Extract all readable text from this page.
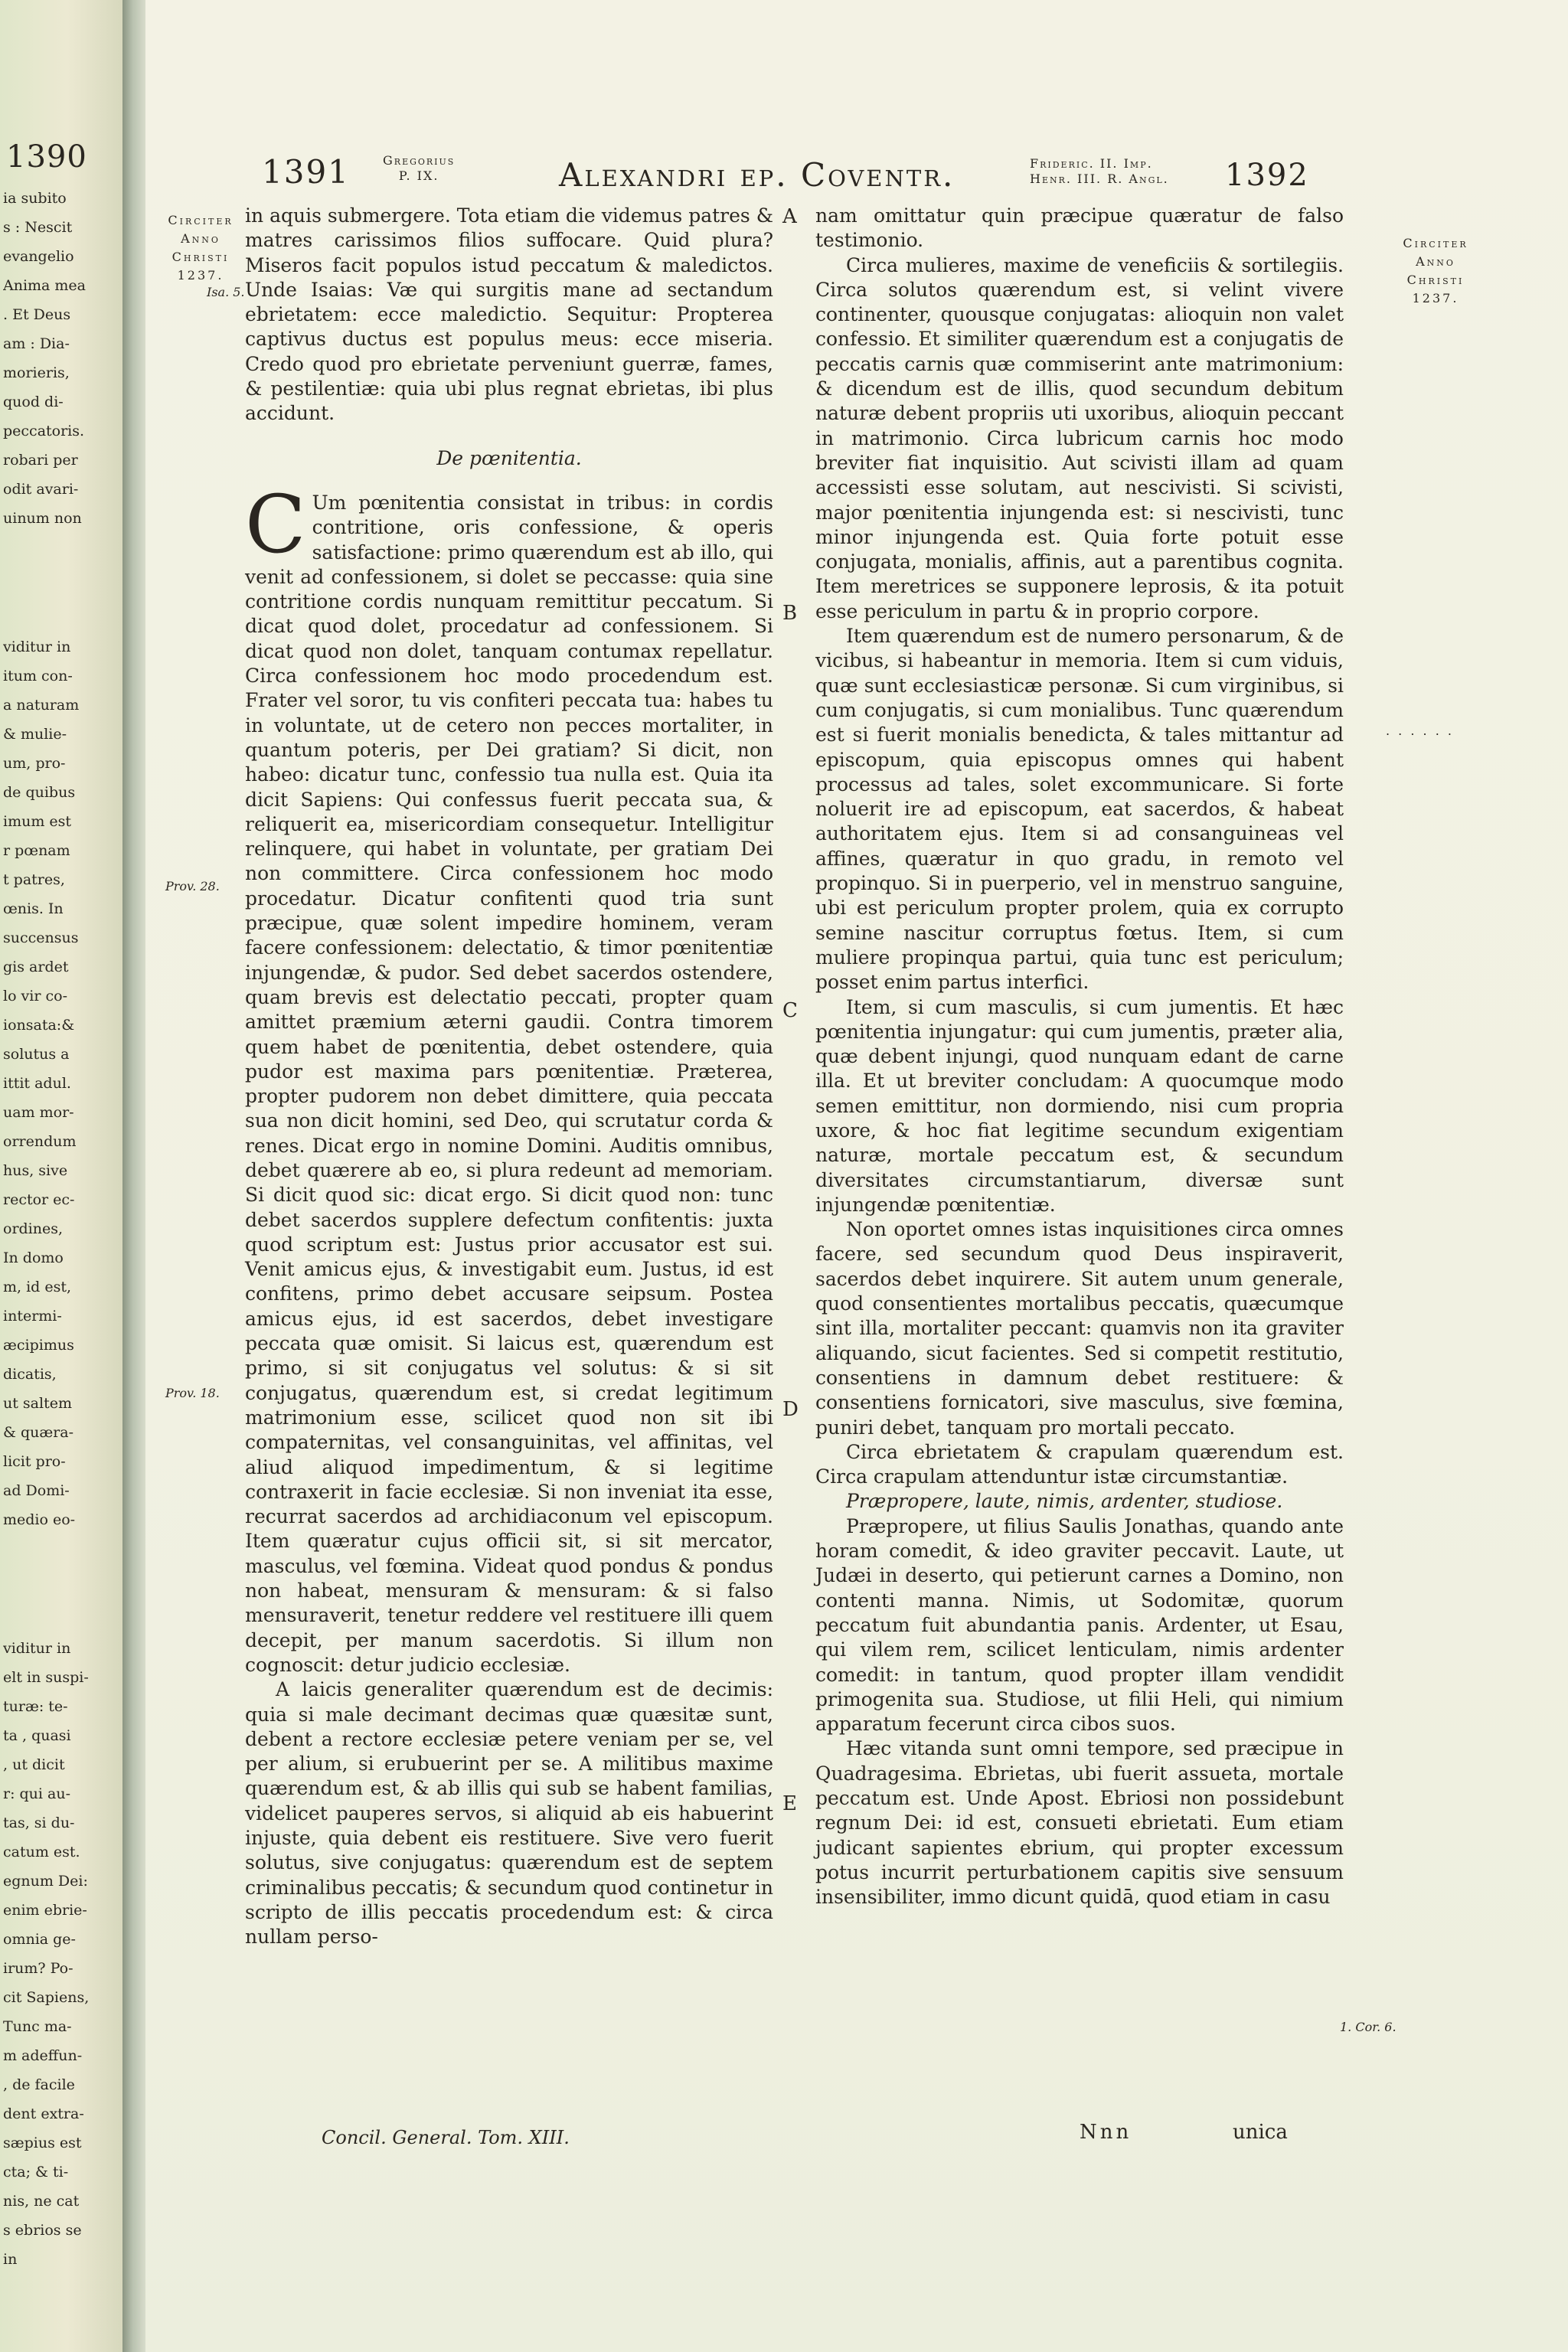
1390
ia subito
s : Nescit
evangelio
Anima mea
. Et Deus
am : Dia-
morieris,
quod di-
peccatoris.
robari per
odit avari-
uinum non
viditur in
itum con-
a naturam
& mulie-
um, pro-
de quibus
imum est
r pœnam
t patres,
œnis. In
succensus
gis ardet
lo vir co-
ionsata:&
solutus a
ittit adul.
uam mor-
orrendum
hus, sive
rector ec-
ordines,
In domo
m, id est,
intermi-
æcipimus
dicatis,
ut saltem
& quæra-
licit pro-
ad Domi-
medio eo-
viditur in
elt in suspi-
turæ: te-
ta , quasi
, ut dicit
r: qui au-
tas, si du-
catum est.
egnum Dei:
enim ebrie-
omnia ge-
irum? Po-
cit Sapiens,
Tunc ma-
m adeffun-
, de facile
dent extra-
sæpius est
cta; & ti-
nis, ne cat
s ebrios se
in
1391	Gregorius
P. IX.	Alexandri ep. Coventr.	Frideric. II. Imp.
Henr. III. R. Angl. 1392
Circiter
Anno
Christi
1237.
Isa. 5.
Prov. 28.
Prov. 18.
Circiter
Anno
Christi
1237.
. . . . . .
1. Cor. 6.
A
B
C
D
E

in aquis submergere. Tota etiam die videmus patres & matres carissimos filios suffocare. Quid plura? Miseros facit populos istud peccatum & maledictos. Unde Isaias: Væ qui surgitis mane ad sectandum ebrietatem: ecce maledictio. Sequitur: Propterea captivus ductus est populus meus: ecce miseria. Credo quod pro ebrietate perveniunt guerræ, fames, & pestilentiæ: quia ubi plus regnat ebrietas, ibi plus accidunt.

De pœnitentia.

C Um pœnitentia consistat in tribus: in cordis contritione, oris confessione, & operis satisfactione: primo quærendum est ab illo, qui venit ad confessionem, si dolet se peccasse: quia sine contritione cordis nunquam remittitur peccatum. Si dicat quod dolet, procedatur ad confessionem. Si dicat quod non dolet, tanquam contumax repellatur. Circa confessionem hoc modo procedendum est. Frater vel soror, tu vis confiteri peccata tua: habes tu in voluntate, ut de cetero non pecces mortaliter, in quantum poteris, per Dei gratiam? Si dicit, non habeo: dicatur tunc, confessio tua nulla est. Quia ita dicit Sapiens: Qui confessus fuerit peccata sua, & reliquerit ea, misericordiam consequetur. Intelligitur relinquere, qui habet in voluntate, per gratiam Dei non committere. Circa confessionem hoc modo procedatur. Dicatur confitenti quod tria sunt præcipue, quæ solent impedire hominem, veram facere confessionem: delectatio, & timor pœnitentiæ injungendæ, & pudor. Sed debet sacerdos ostendere, quam brevis est delectatio peccati, propter quam amittet præmium æterni gaudii. Contra timorem quem habet de pœnitentia, debet ostendere, quia pudor est maxima pars pœnitentiæ. Præterea, propter pudorem non debet dimittere, quia peccata sua non dicit homini, sed Deo, qui scrutatur corda & renes. Dicat ergo in nomine Domini. Auditis omnibus, debet quærere ab eo, si plura redeunt ad memoriam. Si dicit quod sic: dicat ergo. Si dicit quod non: tunc debet sacerdos supplere defectum confitentis: juxta quod scriptum est: Justus prior accusator est sui. Venit amicus ejus, & investigabit eum. Justus, id est confitens, primo debet accusare seipsum. Postea amicus ejus, id est sacerdos, debet investigare peccata quæ omisit. Si laicus est, quærendum est primo, si sit conjugatus vel solutus: & si sit conjugatus, quærendum est, si credat legitimum matrimonium esse, scilicet quod non sit ibi compaternitas, vel consanguinitas, vel affinitas, vel aliud aliquod impedimentum, & si legitime contraxerit in facie ecclesiæ. Si non inveniat ita esse, recurrat sacerdos ad archidiaconum vel episcopum. Item quæratur cujus officii sit, si sit mercator, masculus, vel fœmina. Videat quod pondus & pondus non habeat, mensuram & mensuram: & si falso mensuraverit, tenetur reddere vel restituere illi quem decepit, per manum sacerdotis. Si illum non cognoscit: detur judicio ecclesiæ.

A laicis generaliter quærendum est de decimis: quia si male decimant decimas quæ quæsitæ sunt, debent a rectore ecclesiæ petere veniam per se, vel per alium, si erubuerint per se. A militibus maxime quærendum est, & ab illis qui sub se habent familias, videlicet pauperes servos, si aliquid ab eis habuerint injuste, quia debent eis restituere. Sive vero fuerit solutus, sive conjugatus: quærendum est de septem criminalibus peccatis; & secundum quod continetur in scripto de illis peccatis procedendum est: & circa nullam perso-

nam omittatur quin præcipue quæratur de falso testimonio.

Circa mulieres, maxime de veneficiis & sortilegiis. Circa solutos quærendum est, si velint vivere continenter, quousque conjugatas: alioquin non valet confessio. Et similiter quærendum est a conjugatis de peccatis carnis quæ commiserint ante matrimonium: & dicendum est de illis, quod secundum debitum naturæ debent propriis uti uxoribus, alioquin peccant in matrimonio. Circa lubricum carnis hoc modo breviter fiat inquisitio. Aut scivisti illam ad quam accessisti esse solutam, aut nescivisti. Si scivisti, major pœnitentia injungenda est: si nescivisti, tunc minor injungenda est. Quia forte potuit esse conjugata, monialis, affinis, aut a parentibus cognita. Item meretrices se supponere leprosis, & ita potuit esse periculum in partu & in proprio corpore.

Item quærendum est de numero personarum, & de vicibus, si habeantur in memoria. Item si cum viduis, quæ sunt ecclesiasticæ personæ. Si cum virginibus, si cum conjugatis, si cum monialibus. Tunc quærendum est si fuerit monialis benedicta, & tales mittantur ad episcopum, quia episcopus omnes qui habent processus ad tales, solet excommunicare. Si forte noluerit ire ad episcopum, eat sacerdos, & habeat authoritatem ejus. Item si ad consanguineas vel affines, quæratur in quo gradu, in remoto vel propinquo. Si in puerperio, vel in menstruo sanguine, ubi est periculum propter prolem, quia ex corrupto semine nascitur corruptus fœtus. Item, si cum muliere propinqua partui, quia tunc est periculum; posset enim partus interfici.

Item, si cum masculis, si cum jumentis. Et hæc pœnitentia injungatur: qui cum jumentis, præter alia, quæ debent injungi, quod nunquam edant de carne illa. Et ut breviter concludam: A quocumque modo semen emittitur, non dormiendo, nisi cum propria uxore, & hoc fiat legitime secundum exigentiam naturæ, mortale peccatum est, & secundum diversitates circumstantiarum, diversæ sunt injungendæ pœnitentiæ.

Non oportet omnes istas inquisitiones circa omnes facere, sed secundum quod Deus inspiraverit, sacerdos debet inquirere. Sit autem unum generale, quod consentientes mortalibus peccatis, quæcumque sint illa, mortaliter peccant: quamvis non ita graviter aliquando, sicut facientes. Sed si competit restitutio, consentiens in damnum debet restituere: & consentiens fornicatori, sive masculus, sive fœmina, puniri debet, tanquam pro mortali peccato.

Circa ebrietatem & crapulam quærendum est. Circa crapulam attenduntur istæ circumstantiæ.

Præpropere, laute, nimis, ardenter, studiose.

Præpropere, ut filius Saulis Jonathas, quando ante horam comedit, & ideo graviter peccavit. Laute, ut Judæi in deserto, qui petierunt carnes a Domino, non contenti manna. Nimis, ut Sodomitæ, quorum peccatum fuit abundantia panis. Ardenter, ut Esau, qui vilem rem, scilicet lenticulam, nimis ardenter comedit: in tantum, quod propter illam vendidit primogenita sua. Studiose, ut filii Heli, qui nimium apparatum fecerunt circa cibos suos.

Hæc vitanda sunt omni tempore, sed præcipue in Quadragesima. Ebrietas, ubi fuerit assueta, mortale peccatum est. Unde Apost. Ebriosi non possidebunt regnum Dei: id est, consueti ebrietati. Eum etiam judicant sapientes ebrium, qui propter excessum potus incurrit perturbationem capitis sive sensuum insensibiliter, immo dicunt quidā, quod etiam in casu

Concil. General. Tom. XIII.	Nnn	unica
